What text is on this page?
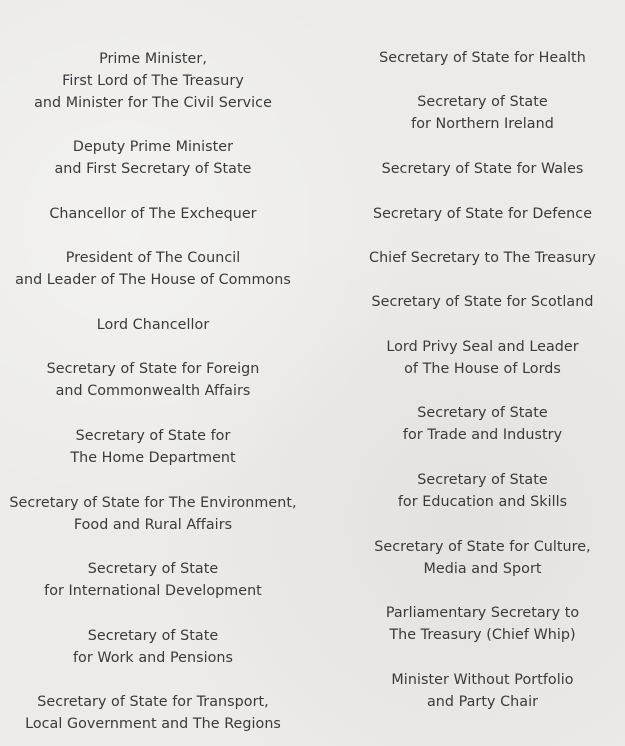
Prime Minister,
First Lord of The Treasury
and Minister for The Civil Service
Deputy Prime Minister
and First Secretary of State
Chancellor of The Exchequer
President of The Council
and Leader of The House of Commons
Lord Chancellor
Secretary of State for Foreign
and Commonwealth Affairs
Secretary of State for
The Home Department
Secretary of State for The Environment,
Food and Rural Affairs
Secretary of State
for International Development
Secretary of State
for Work and Pensions
Secretary of State for Transport,
Local Government and The Regions
Secretary of State for Health
Secretary of State
for Northern Ireland
Secretary of State for Wales
Secretary of State for Defence
Chief Secretary to The Treasury
Secretary of State for Scotland
Lord Privy Seal and Leader
of The House of Lords
Secretary of State
for Trade and Industry
Secretary of State
for Education and Skills
Secretary of State for Culture,
Media and Sport
Parliamentary Secretary to
The Treasury (Chief Whip)
Minister Without Portfolio
and Party Chair
